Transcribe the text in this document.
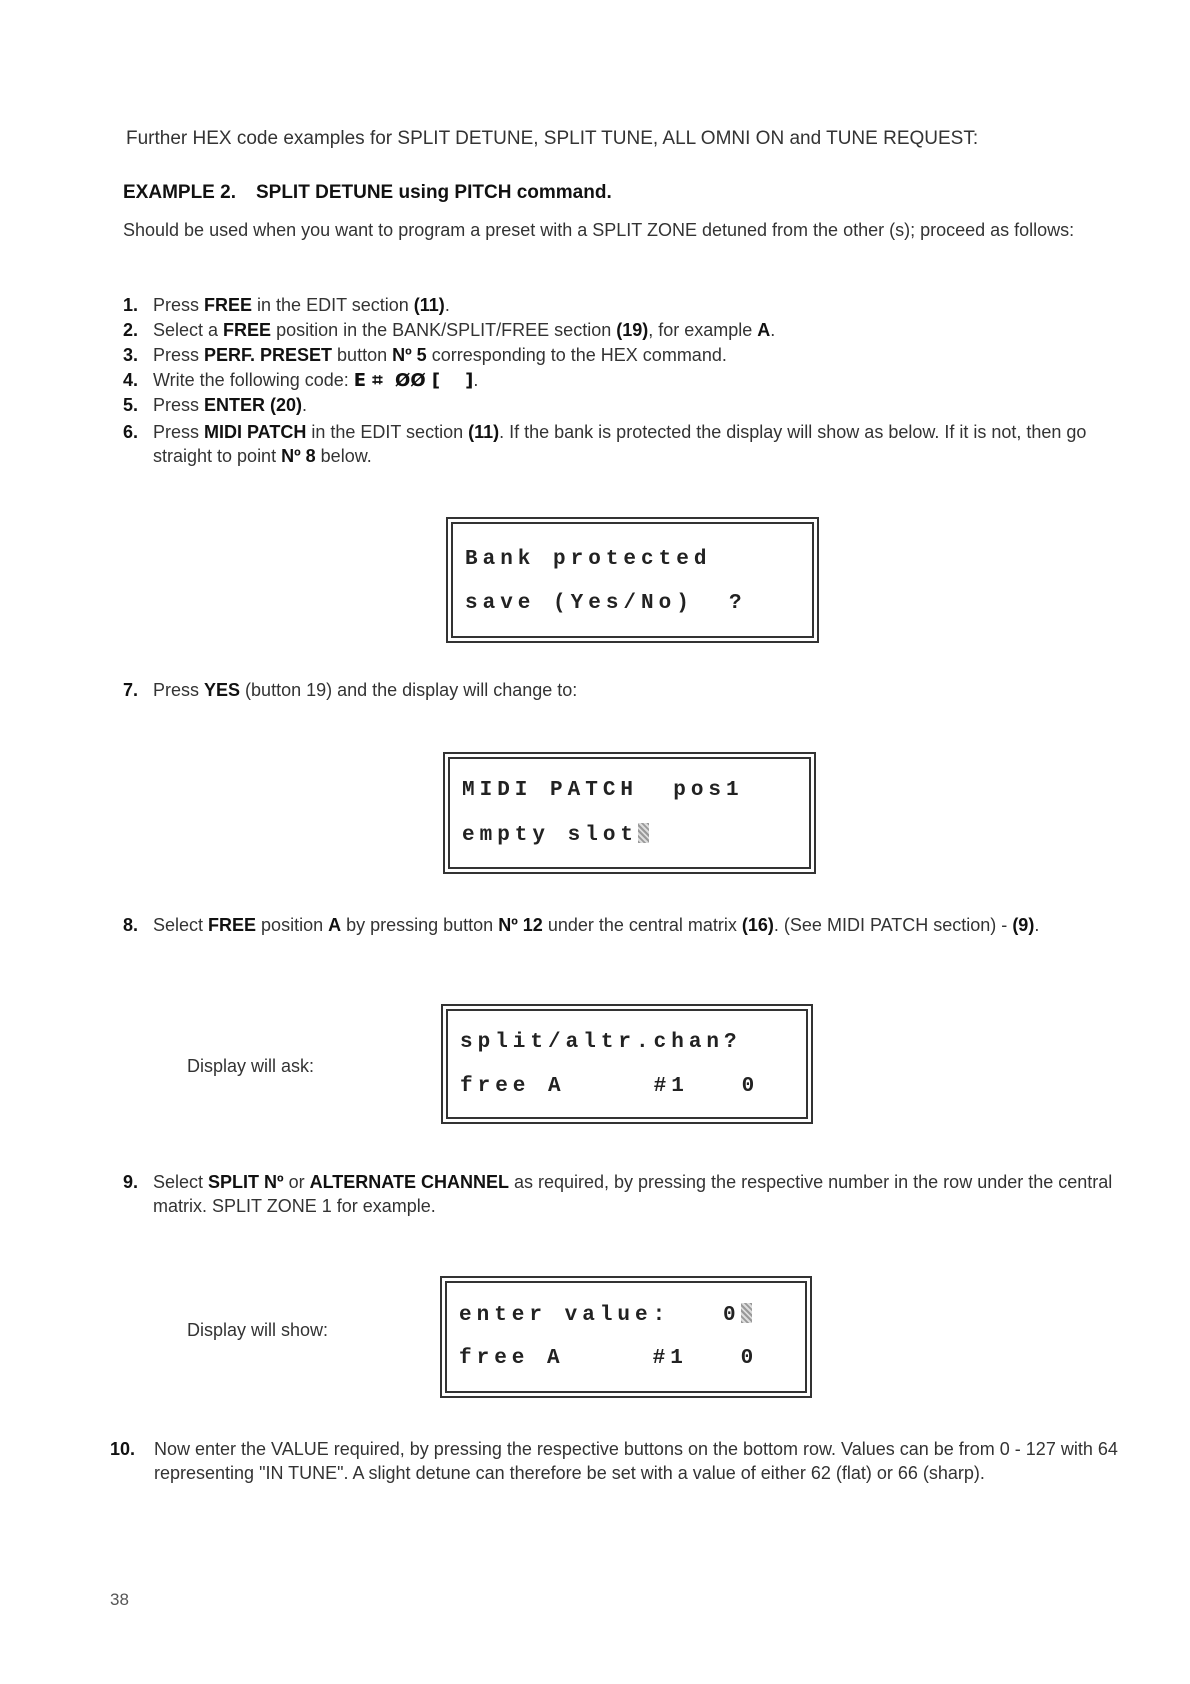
Further HEX code examples for SPLIT DETUNE, SPLIT TUNE, ALL OMNI ON and TUNE REQUEST:
EXAMPLE 2. SPLIT DETUNE using PITCH command.
Should be used when you want to program a preset with a SPLIT ZONE detuned from the other (s); proceed as follows:
1. Press FREE in the EDIT section (11).
2. Select a FREE position in the BANK/SPLIT/FREE section (19), for example A.
3. Press PERF. PRESET button Nº 5 corresponding to the HEX command.
4. Write the following code: E ⌗  ØØ [    ].
5. Press ENTER (20).
6. Press MIDI PATCH in the EDIT section (11). If the bank is protected the display will show as below. If it is not, then go straight to point Nº 8 below.
Bank protected
save (Yes/No)  ?
7. Press YES (button 19) and the display will change to:
MIDI PATCH  pos1
empty slot
8. Select FREE position A by pressing button Nº 12 under the central matrix (16). (See MIDI PATCH section) - (9).
Display will ask:
split/altr.chan?
free A     #1   0
9. Select SPLIT Nº or ALTERNATE CHANNEL as required, by pressing the respective number in the row under the central matrix. SPLIT ZONE 1 for example.
Display will show:
enter value:   0
free A     #1   0
10. Now enter the VALUE required, by pressing the respective buttons on the bottom row. Values can be from 0 - 127 with 64 representing "IN TUNE". A slight detune can therefore be set with a value of either 62 (flat) or 66 (sharp).
38
